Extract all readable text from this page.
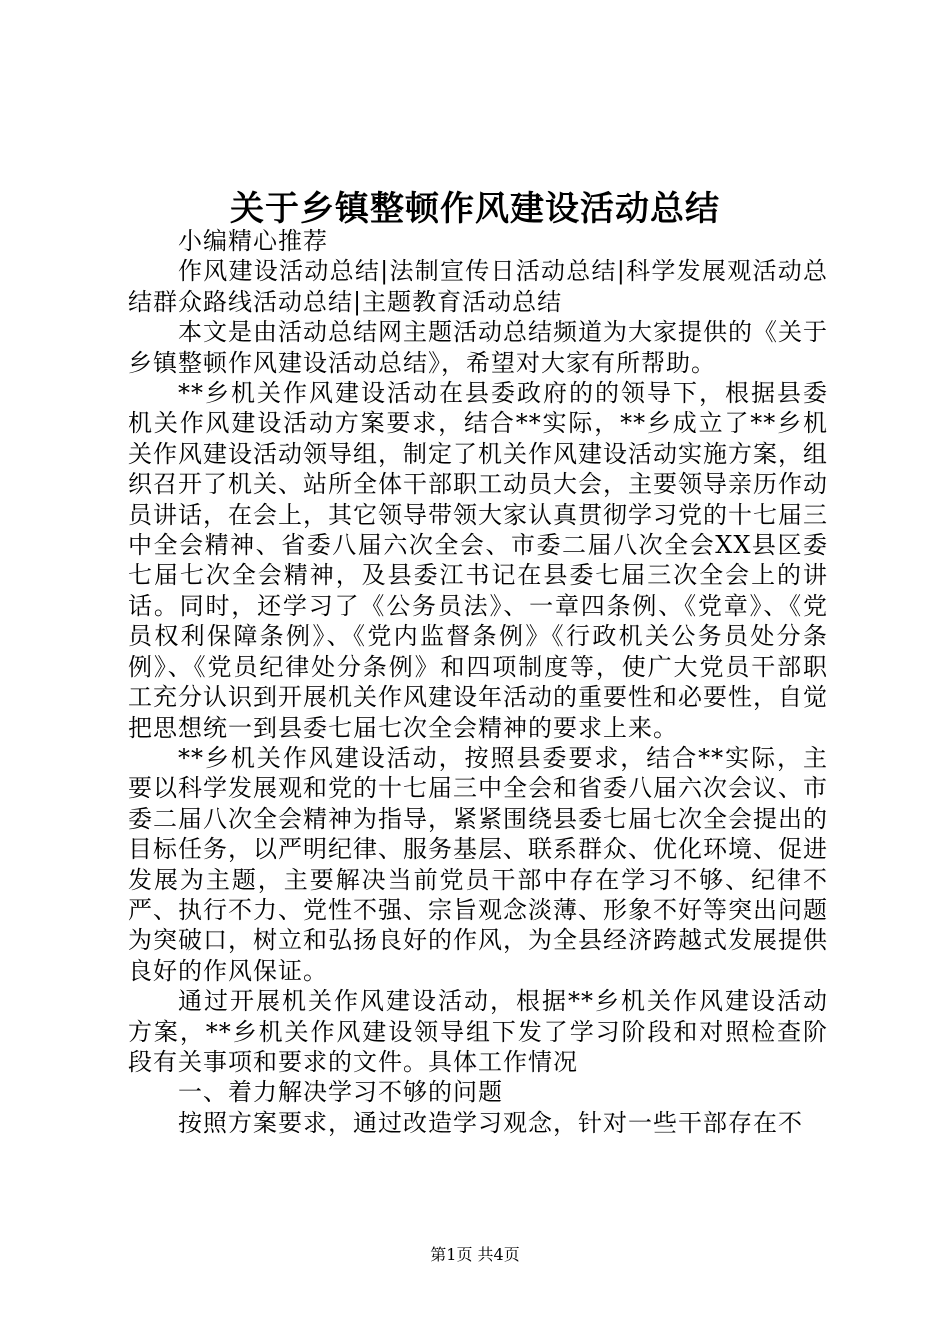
关于乡镇整顿作风建设活动总结

小编精心推荐

作风建设活动总结|法制宣传日活动总结|科学发展观活动总结群众路线活动总结|主题教育活动总结

本文是由活动总结网主题活动总结频道为大家提供的《关于乡镇整顿作风建设活动总结》，希望对大家有所帮助。

**乡机关作风建设活动在县委政府的的领导下，根据县委机关作风建设活动方案要求，结合**实际，**乡成立了**乡机关作风建设活动领导组，制定了机关作风建设活动实施方案，组织召开了机关、站所全体干部职工动员大会，主要领导亲历作动员讲话，在会上，其它领导带领大家认真贯彻学习党的十七届三中全会精神、省委八届六次全会、市委二届八次全会XX县区委七届七次全会精神，及县委江书记在县委七届三次全会上的讲话。同时，还学习了《公务员法》、一章四条例、《党章》、《党员权利保障条例》、《党内监督条例》《行政机关公务员处分条例》、《党员纪律处分条例》和四项制度等，使广大党员干部职工充分认识到开展机关作风建设年活动的重要性和必要性，自觉把思想统一到县委七届七次全会精神的要求上来。

**乡机关作风建设活动，按照县委要求，结合**实际，主要以科学发展观和党的十七届三中全会和省委八届六次会议、市委二届八次全会精神为指导，紧紧围绕县委七届七次全会提出的目标任务，以严明纪律、服务基层、联系群众、优化环境、促进发展为主题，主要解决当前党员干部中存在学习不够、纪律不严、执行不力、党性不强、宗旨观念淡薄、形象不好等突出问题为突破口，树立和弘扬良好的作风，为全县经济跨越式发展提供良好的作风保证。

通过开展机关作风建设活动，根据**乡机关作风建设活动方案，**乡机关作风建设领导组下发了学习阶段和对照检查阶段有关事项和要求的文件。具体工作情况

一、着力解决学习不够的问题

按照方案要求，通过改造学习观念，针对一些干部存在不

第1页 共4页
